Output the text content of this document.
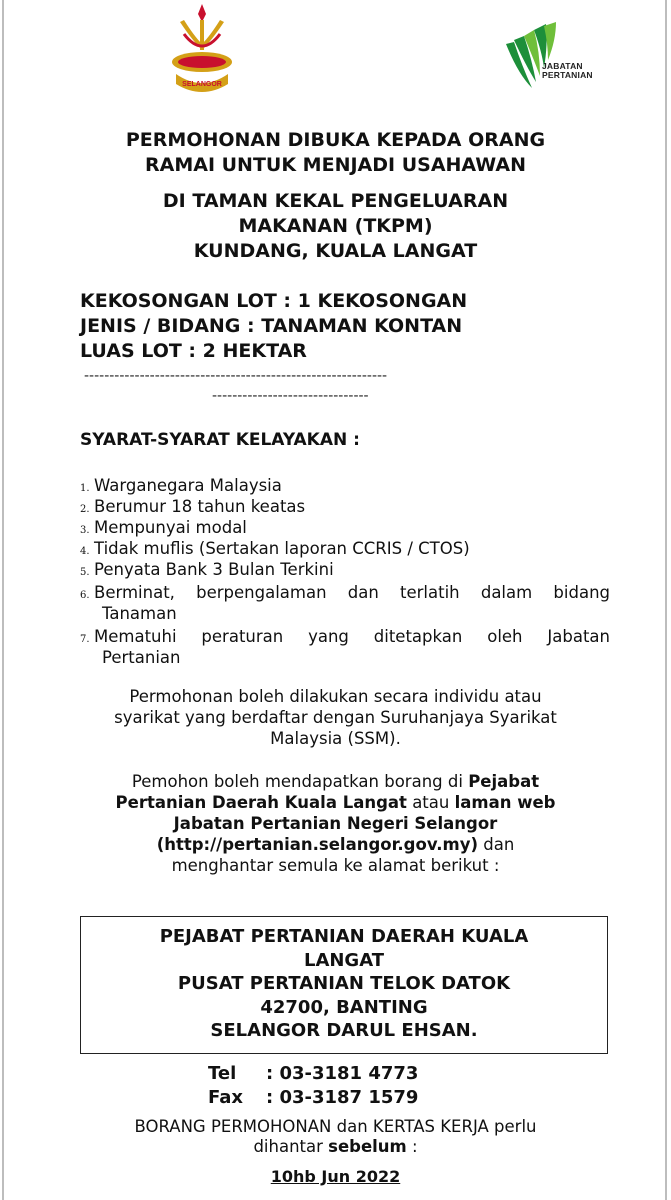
SELANGOR
JABATAN
PERTANIAN
PERMOHONAN DIBUKA KEPADA ORANG
RAMAI UNTUK MENJADI USAHAWAN
DI TAMAN KEKAL PENGELUARAN
MAKANAN (TKPM)
KUNDANG, KUALA LANGAT
KEKOSONGAN LOT : 1 KEKOSONGAN
JENIS / BIDANG : TANAMAN KONTAN
LUAS LOT : 2 HEKTAR
------------------------------------------------------------
-------------------------------
SYARAT-SYARAT KELAYAKAN :
1. Warganegara Malaysia
2. Berumur 18 tahun keatas
3. Mempunyai modal
4. Tidak muflis (Sertakan laporan CCRIS / CTOS)
5. Penyata Bank 3 Bulan Terkini
6. Berminat, berpengalaman dan terlatih dalam bidang
Tanaman
7. Mematuhi peraturan yang ditetapkan oleh Jabatan
Pertanian
Permohonan boleh dilakukan secara individu atau
syarikat yang berdaftar dengan Suruhanjaya Syarikat
Malaysia (SSM).
Pemohon boleh mendapatkan borang di Pejabat
Pertanian Daerah Kuala Langat atau laman web
Jabatan Pertanian Negeri Selangor
(http://pertanian.selangor.gov.my) dan
menghantar semula ke alamat berikut :
PEJABAT PERTANIAN DAERAH KUALA
LANGAT
PUSAT PERTANIAN TELOK DATOK
42700, BANTING
SELANGOR DARUL EHSAN.
Tel : 03-3181 4773
Fax : 03-3187 1579
BORANG PERMOHONAN dan KERTAS KERJA perlu
dihantar sebelum :
10hb Jun 2022
